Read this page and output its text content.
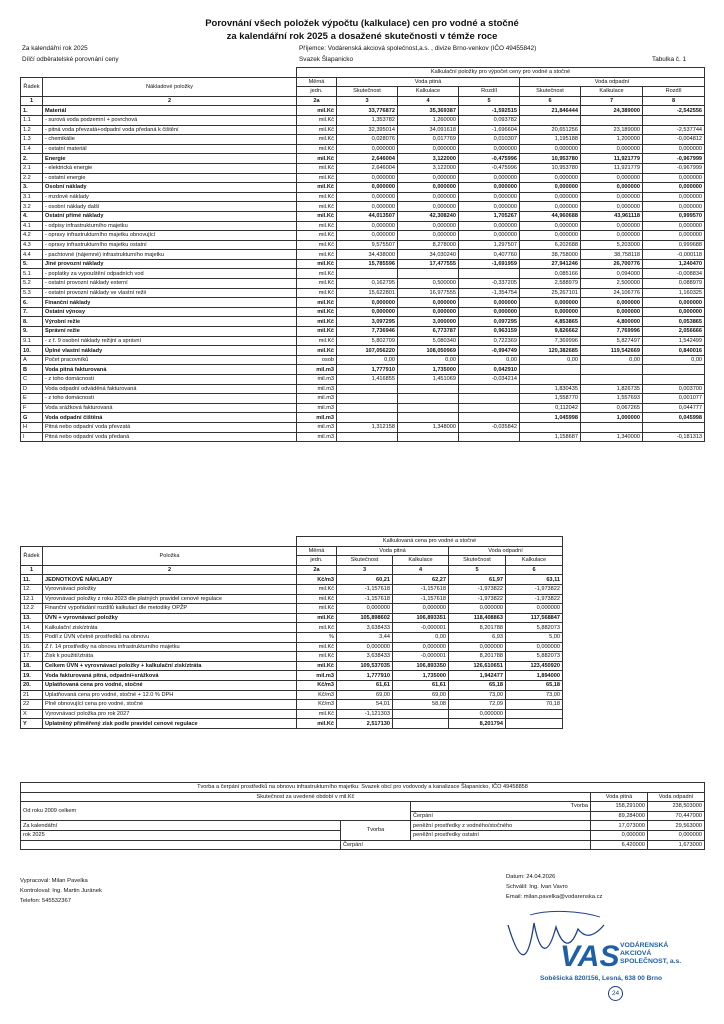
Porovnání všech položek výpočtu (kalkulace) cen pro vodné a stočné
za kalendářní rok 2025 a dosažené skutečnosti v témže roce
Za kalendářní rok 2025	Příjemce: Vodárenská akciová společnost,a.s. , divize Brno-venkov (IČO 49455842)
Dílčí odběratelské porovnání ceny	Svazek Šlapanicko	Tabulka č. 1
		Kalkulační položky pro výpočet ceny pro vodné a stočné						
Řádek	Nákladové položky	Měrná	Voda pitná			Voda odpadní		
		jedn.	Skutečnost	Kalkulace	Rozdíl	Skutečnost	Kalkulace	Rozdíl
1	2	2a	3	4	5	6	7	8
1.	Materiál	mil.Kč	33,776872	35,369387	-1,592515	21,846444	24,389000	-2,542556
1.1	- surová voda podzemní + povrchová	mil.Kč	1,353782	1,260000	0,093782			
1.2	- pitná voda převzatá+odpadní voda předaná k čištění	mil.Kč	32,395014	34,091618	-1,696604	20,651256	23,189000	-2,537744
1.3	- chemikálie	mil.Kč	0,028076	0,017769	0,010307	1,195188	1,200000	-0,004812
1.4	- ostatní materiál	mil.Kč	0,000000	0,000000	0,000000	0,000000	0,000000	0,000000
2.	Energie	mil.Kč	2,646004	3,122000	-0,475996	10,953780	11,921779	-0,967999
2.1	- elektrická energie	mil.Kč	2,646004	3,122000	-0,475996	10,953780	11,921779	-0,967999
2.2	- ostatní energie	mil.Kč	0,000000	0,000000	0,000000	0,000000	0,000000	0,000000
3.	Osobní náklady	mil.Kč	0,000000	0,000000	0,000000	0,000000	0,000000	0,000000
3.1	- mzdové náklady	mil.Kč	0,000000	0,000000	0,000000	0,000000	0,000000	0,000000
3.2	- osobní náklady další	mil.Kč	0,000000	0,000000	0,000000	0,000000	0,000000	0,000000
4.	Ostatní přímé náklady	mil.Kč	44,013507	42,308240	1,705267	44,960688	43,961118	0,999570
4.1	- odpisy infrastrukturního majetku	mil.Kč	0,000000	0,000000	0,000000	0,000000	0,000000	0,000000
4.2	- opravy infrastrukturního majetku obnovující	mil.Kč	0,000000	0,000000	0,000000	0,000000	0,000000	0,000000
4.3	- opravy infrastrukturního majetku ostatní	mil.Kč	9,575507	8,278000	1,297507	6,202688	5,203000	0,999688
4.4	- pachtovné (nájemné) infrastrukturního majetku	mil.Kč	34,438000	34,030240	0,407760	38,758000	38,758118	-0,000118
5.	Jiné provozní náklady	mil.Kč	15,785596	17,477555	-1,691959	27,941246	26,700776	1,240470
5.1	- poplatky za vypouštění odpadních vod	mil.Kč				0,085166	0,094000	-0,008834
5.2	- ostatní provozní náklady externí	mil.Kč	0,162795	0,500000	-0,337205	2,588979	2,500000	0,088979
5.3	- ostatní provozní náklady ve vlastní režii	mil.Kč	15,622801	16,977555	-1,354754	25,267101	24,106776	1,160325
6.	Finanční náklady	mil.Kč	0,000000	0,000000	0,000000	0,000000	0,000000	0,000000
7.	Ostatní výnosy	mil.Kč	0,000000	0,000000	0,000000	0,000000	0,000000	0,000000
8.	Výrobní režie	mil.Kč	3,097295	3,000000	0,097295	4,853865	4,800000	0,053865
9.	Správní režie	mil.Kč	7,736946	6,773787	0,963159	9,826662	7,769996	2,056666
9.1	- z ř. 9 osobní náklady režijní a správní	mil.Kč	5,802709	5,080340	0,722369	7,369996	5,827497	1,542499
10.	Úplné vlastní náklady	mil.Kč	107,056220	108,050969	-0,994749	120,382685	119,542669	0,840016
A	Počet pracovníků	osob	0,00	0,00	0,00	0,00	0,00	0,00
B	Voda pitná fakturovaná	mil.m3	1,777910	1,735000	0,042910			
C	- z toho domácnosti	mil.m3	1,416855	1,451069	-0,034214			
D	Voda odpadní odváděná fakturovaná	mil.m3				1,830435	1,826735	0,003700
E	- z toho domácnosti	mil.m3				1,558770	1,557693	0,001077
F	Voda srážková fakturovaná	mil.m3				0,112042	0,067265	0,044777
G	Voda odpadní čištěná	mil.m3				1,045998	1,000000	0,045998
H	Pitná nebo odpadní voda převzatá	mil.m3	1,312158	1,348000	-0,035842			
I	Pitná nebo odpadní voda předaná	mil.m3				1,158687	1,340000	-0,181313
		Kalkulovaná cena pro vodné a stočné				
Řádek	Položka	Měrná	Voda pitná		Voda odpadní	
		jedn.	Skutečnost	Kalkulace	Skutečnost	Kalkulace
1	2	2a	3	4	5	6
11.	JEDNOTKOVÉ NÁKLADY	Kč/m3	60,21	62,27	61,97	63,11
12.	Vyrovnávací položky	mil.Kč	-1,157618	-1,157618	-1,973822	-1,973822
12.1	Vyrovnávací položky z roku 2023 dle platných pravidel cenové regulace	mil.Kč	-1,157618	-1,157618	-1,973822	-1,973822
12.2	Finanční vypořádání rozdílů kalkulací dle metodiky OPŽP	mil.Kč	0,000000	0,000000	0,000000	0,000000
13.	ÚVN + vyrovnávací položky	mil.Kč	105,898602	106,893351	118,408863	117,568847
14.	Kalkulační zisk/ztráta	mil.Kč	3,638433	-0,000001	8,201788	5,882073
15.	Podíl z ÚVN včetně prostředků na obnovu	%	3,44	0,00	6,93	5,00
16.	Z ř. 14 prostředky na obnovu infrastrukturního majetku	mil.Kč	0,000000	0,000000	0,000000	0,000000
17.	Zisk k použití/ztráta	mil.Kč	3,638433	-0,000001	8,201788	5,882073
18.	Celkem ÚVN + vyrovnávací položky + kalkulační zisk/ztráta	mil.Kč	109,537035	106,893350	126,610651	123,450920
19.	Voda fakturovaná pitná, odpadní+srážková	mil.m3	1,777910	1,735000	1,942477	1,894000
20.	Uplatňovaná cena pro vodné, stočné	Kč/m3	61,61	61,61	65,18	65,18
21	Uplatňovaná cena pro vodné, stočné + 12.0 % DPH	Kč/m3	69,00	69,00	73,00	73,00
22	Plně obnovující cena pro vodné, stočné	Kč/m3	54,01	58,08	72,09	70,18
X	Vyrovnávací položka pro rok 2027	mil.Kč	-1,121303		0,000000	
Y	Uplatněný přiměřený zisk podle pravidel cenové regulace	mil.Kč	2,517130		8,201794	
Tvorba a čerpání prostředků na obnovu infrastrukturního majetku: Svazek obcí pro vodovody a kanalizace Šlapanicko, IČO 49458858				
Skutečnost za uvedené období v mil.Kč			Voda pitná	Voda odpadní
Od roku 2009 celkem		Tvorba	158,291000	238,503000
		Čerpání	89,284000	70,447000
Za kalendářní	Tvorba	peněžní prostředky z vodného/stočného	17,073000	29,563000
rok 2025		peněžní prostředky ostatní	0,000000	0,000000
	Čerpání		6,420000	1,673000
Vypracoval: Milan Pavelka
Kontroloval: Ing. Martin Juránek
Telefon: 545532367
Datum: 24.04.2026
Schválil: Ing. Ivan Vavro
Email: milan.pavelka@vodarenska.cz
VAS VODÁRENSKÁ
AKCIOVÁ
SPOLEČNOST, a.s.
Soběšická 820/156, Lesná, 638 00 Brno
24
